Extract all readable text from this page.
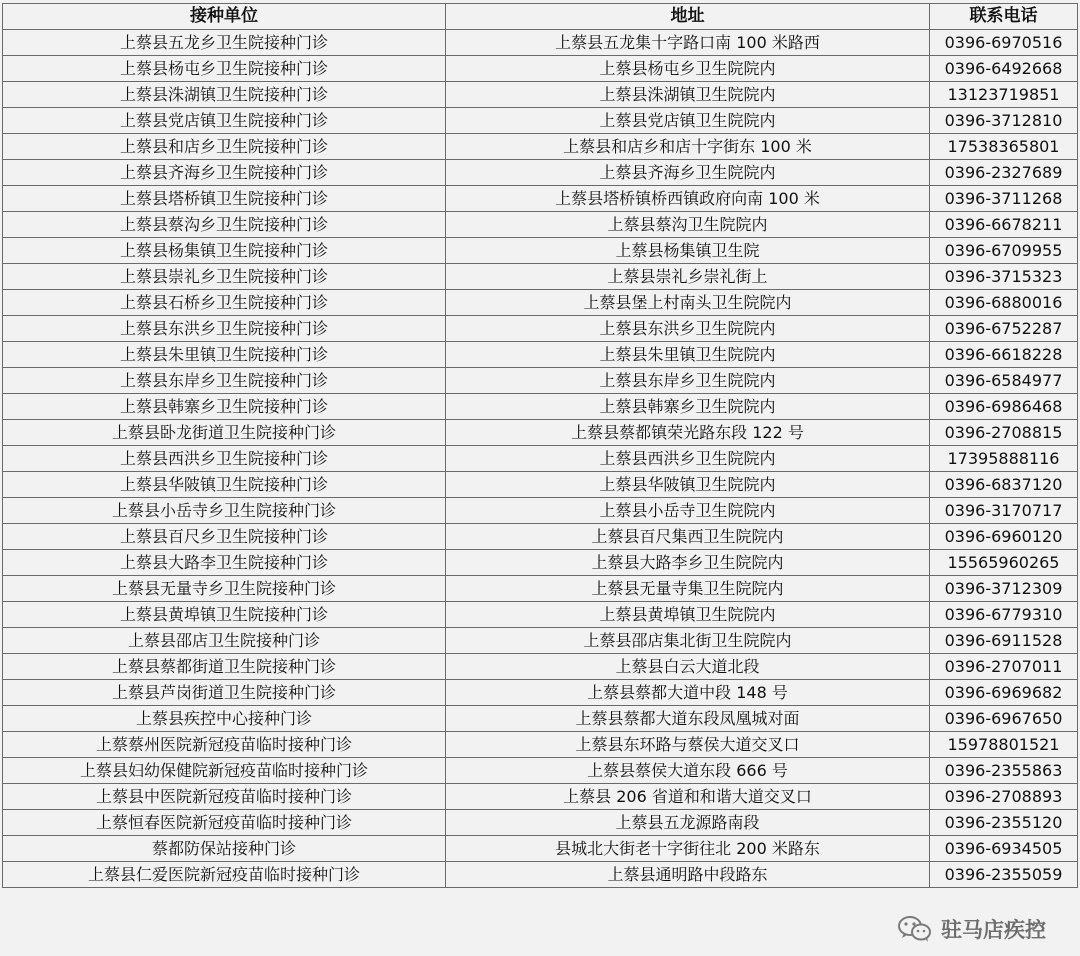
接种单位	地址	联系电话
上蔡县五龙乡卫生院接种门诊	上蔡县五龙集十字路口南 100 米路西	0396-6970516
上蔡县杨屯乡卫生院接种门诊	上蔡县杨屯乡卫生院院内	0396-6492668
上蔡县洙湖镇卫生院接种门诊	上蔡县洙湖镇卫生院院内	13123719851
上蔡县党店镇卫生院接种门诊	上蔡县党店镇卫生院院内	0396-3712810
上蔡县和店乡卫生院接种门诊	上蔡县和店乡和店十字街东 100 米	17538365801
上蔡县齐海乡卫生院接种门诊	上蔡县齐海乡卫生院院内	0396-2327689
上蔡县塔桥镇卫生院接种门诊	上蔡县塔桥镇桥西镇政府向南 100 米	0396-3711268
上蔡县蔡沟乡卫生院接种门诊	上蔡县蔡沟卫生院院内	0396-6678211
上蔡县杨集镇卫生院接种门诊	上蔡县杨集镇卫生院	0396-6709955
上蔡县崇礼乡卫生院接种门诊	上蔡县崇礼乡崇礼街上	0396-3715323
上蔡县石桥乡卫生院接种门诊	上蔡县堡上村南头卫生院院内	0396-6880016
上蔡县东洪乡卫生院接种门诊	上蔡县东洪乡卫生院院内	0396-6752287
上蔡县朱里镇卫生院接种门诊	上蔡县朱里镇卫生院院内	0396-6618228
上蔡县东岸乡卫生院接种门诊	上蔡县东岸乡卫生院院内	0396-6584977
上蔡县韩寨乡卫生院接种门诊	上蔡县韩寨乡卫生院院内	0396-6986468
上蔡县卧龙街道卫生院接种门诊	上蔡县蔡都镇荣光路东段 122 号	0396-2708815
上蔡县西洪乡卫生院接种门诊	上蔡县西洪乡卫生院院内	17395888116
上蔡县华陂镇卫生院接种门诊	上蔡县华陂镇卫生院院内	0396-6837120
上蔡县小岳寺乡卫生院接种门诊	上蔡县小岳寺卫生院院内	0396-3170717
上蔡县百尺乡卫生院接种门诊	上蔡县百尺集西卫生院院内	0396-6960120
上蔡县大路李卫生院接种门诊	上蔡县大路李乡卫生院院内	15565960265
上蔡县无量寺乡卫生院接种门诊	上蔡县无量寺集卫生院院内	0396-3712309
上蔡县黄埠镇卫生院接种门诊	上蔡县黄埠镇卫生院院内	0396-6779310
上蔡县邵店卫生院接种门诊	上蔡县邵店集北街卫生院院内	0396-6911528
上蔡县蔡都街道卫生院接种门诊	上蔡县白云大道北段	0396-2707011
上蔡县芦岗街道卫生院接种门诊	上蔡县蔡都大道中段 148 号	0396-6969682
上蔡县疾控中心接种门诊	上蔡县蔡都大道东段凤凰城对面	0396-6967650
上蔡蔡州医院新冠疫苗临时接种门诊	上蔡县东环路与蔡侯大道交叉口	15978801521
上蔡县妇幼保健院新冠疫苗临时接种门诊	上蔡县蔡侯大道东段 666 号	0396-2355863
上蔡县中医院新冠疫苗临时接种门诊	上蔡县 206 省道和和谐大道交叉口	0396-2708893
上蔡恒春医院新冠疫苗临时接种门诊	上蔡县五龙源路南段	0396-2355120
蔡都防保站接种门诊	县城北大街老十字街往北 200 米路东	0396-6934505
上蔡县仁爱医院新冠疫苗临时接种门诊	上蔡县通明路中段路东	0396-2355059
驻马店疾控
